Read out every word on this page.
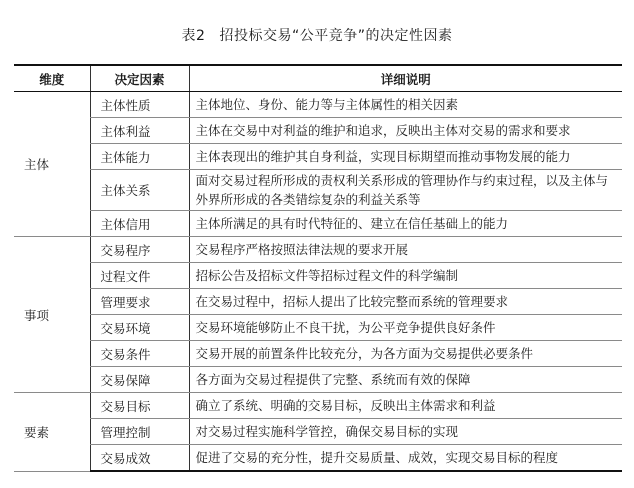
表2 招投标交易“公平竞争”的决定性因素
维度	决定因素	详细说明
主体	主体性质	主体地位、身份、能力等与主体属性的相关因素
	主体利益	主体在交易中对利益的维护和追求，反映出主体对交易的需求和要求
	主体能力	主体表现出的维护其自身利益，实现目标期望而推动事物发展的能力
	主体关系	面对交易过程所形成的责权利关系形成的管理协作与约束过程，以及主体与外界所形成的各类错综复杂的利益关系等
	主体信用	主体所满足的具有时代特征的、建立在信任基础上的能力
事项	交易程序	交易程序严格按照法律法规的要求开展
	过程文件	招标公告及招标文件等招标过程文件的科学编制
	管理要求	在交易过程中，招标人提出了比较完整而系统的管理要求
	交易环境	交易环境能够防止不良干扰，为公平竞争提供良好条件
	交易条件	交易开展的前置条件比较充分，为各方面为交易提供必要条件
	交易保障	各方面为交易过程提供了完整、系统而有效的保障
要素	交易目标	确立了系统、明确的交易目标，反映出主体需求和利益
	管理控制	对交易过程实施科学管控，确保交易目标的实现
	交易成效	促进了交易的充分性，提升交易质量、成效，实现交易目标的程度
